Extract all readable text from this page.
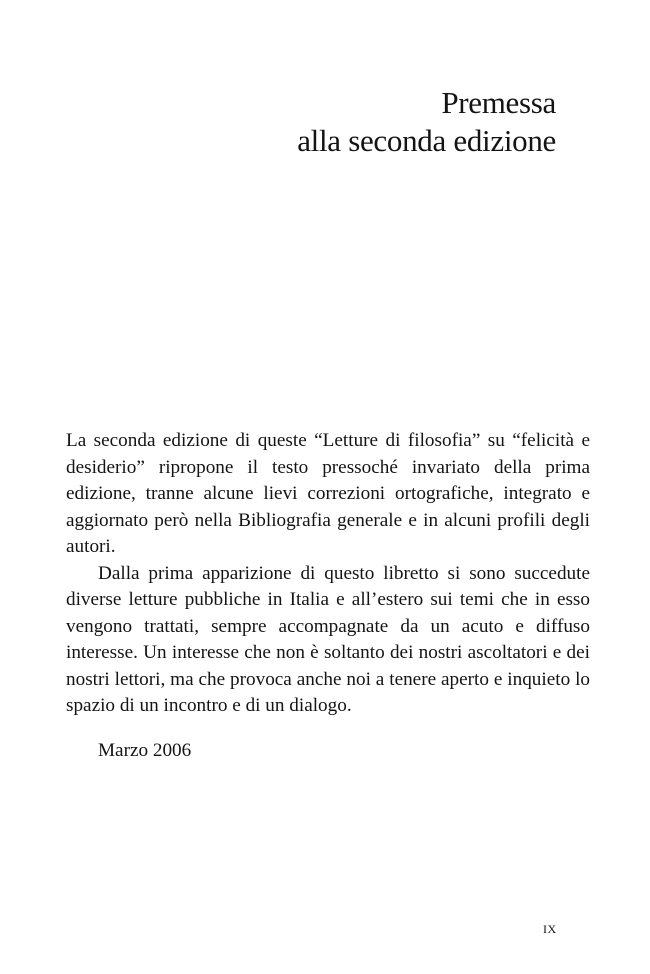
Premessa
alla seconda edizione

La seconda edizione di queste “Letture di filosofia” su “felicità e desiderio” ripropone il testo pressoché invariato della prima edizione, tranne alcune lievi correzioni ortografiche, integrato e aggiornato però nella Bibliografia generale e in alcuni profili degli autori.

Dalla prima apparizione di questo libretto si sono succedute diverse letture pubbliche in Italia e all’estero sui temi che in esso vengono trattati, sempre accompagnate da un acuto e diffuso interesse. Un interesse che non è soltanto dei nostri ascoltatori e dei nostri lettori, ma che provoca anche noi a tenere aperto e inquieto lo spazio di un incontro e di un dialogo.

Marzo 2006
IX
